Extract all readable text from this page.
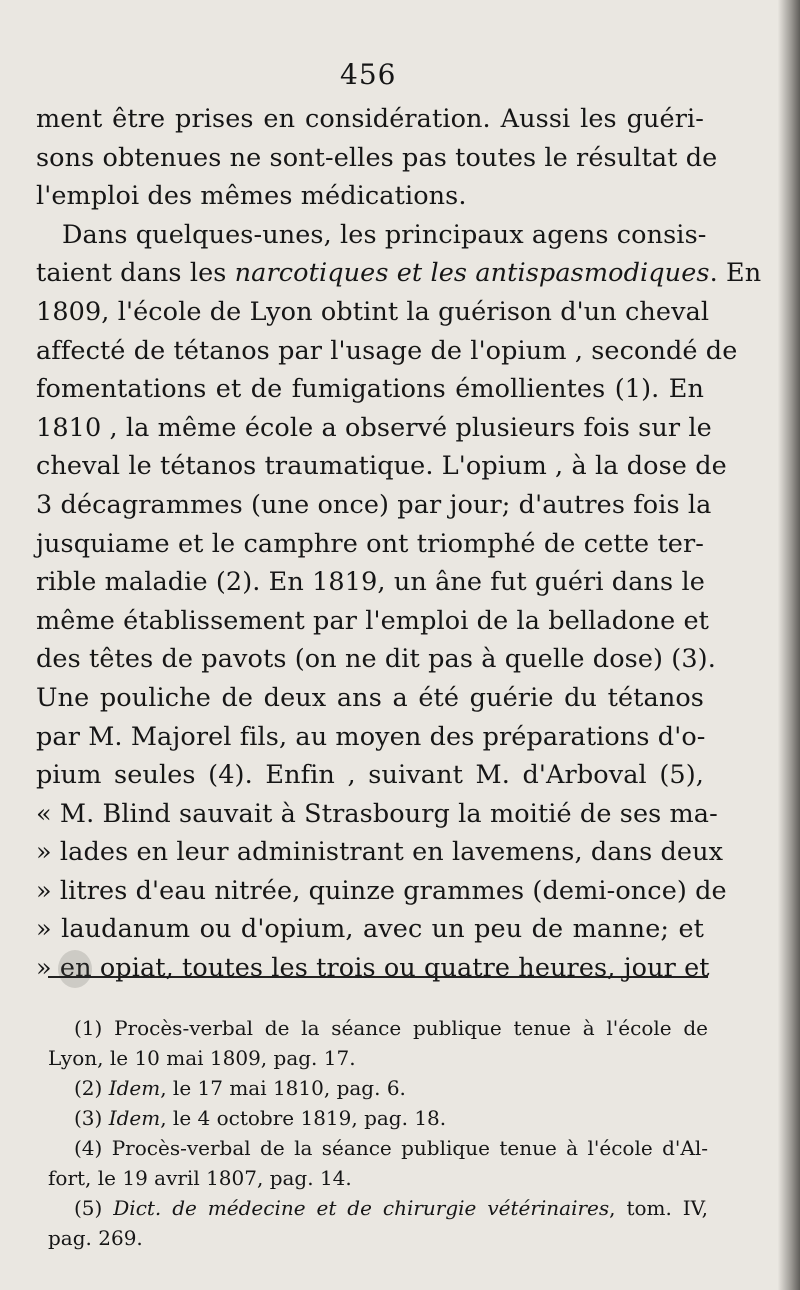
456
ment être prises en considération. Aussi les guéri-
sons obtenues ne sont-elles pas toutes le résultat de
l'emploi des mêmes médications.
Dans quelques-unes, les principaux agens consis-
taient dans les narcotiques et les antispasmodiques. En
1809, l'école de Lyon obtint la guérison d'un cheval
affecté de tétanos par l'usage de l'opium , secondé de
fomentations et de fumigations émollientes (1). En
1810 , la même école a observé plusieurs fois sur le
cheval le tétanos traumatique. L'opium , à la dose de
3 décagrammes (une once) par jour; d'autres fois la
jusquiame et le camphre ont triomphé de cette ter-
rible maladie (2). En 1819, un âne fut guéri dans le
même établissement par l'emploi de la belladone et
des têtes de pavots (on ne dit pas à quelle dose) (3).
Une pouliche de deux ans a été guérie du tétanos
par M. Majorel fils, au moyen des préparations d'o-
pium seules (4). Enfin , suivant M. d'Arboval (5),
« M. Blind sauvait à Strasbourg la moitié de ses ma-
» lades en leur administrant en lavemens, dans deux
» litres d'eau nitrée, quinze grammes (demi-once) de
» laudanum ou d'opium, avec un peu de manne; et
» en opiat, toutes les trois ou quatre heures, jour et
(1) Procès-verbal de la séance publique tenue à l'école de
Lyon, le 10 mai 1809, pag. 17.
(2) Idem, le 17 mai 1810, pag. 6.
(3) Idem, le 4 octobre 1819, pag. 18.
(4) Procès-verbal de la séance publique tenue à l'école d'Al-
fort, le 19 avril 1807, pag. 14.
(5) Dict. de médecine et de chirurgie vétérinaires, tom. IV,
pag. 269.
